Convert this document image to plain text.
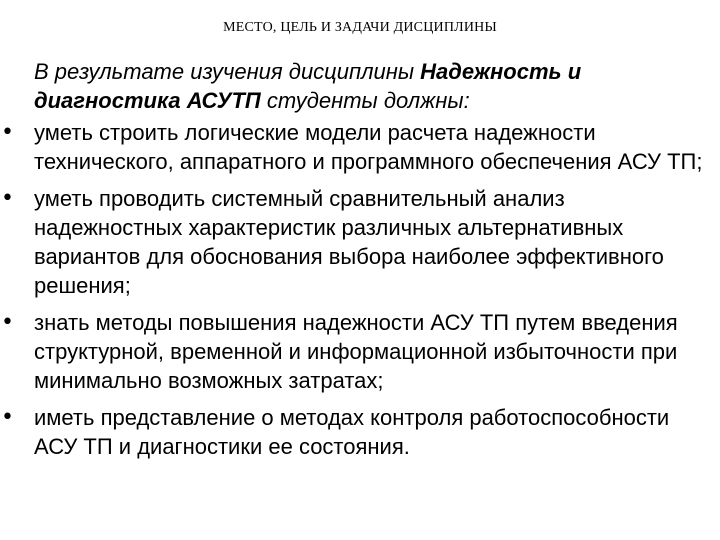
МЕСТО, ЦЕЛЬ И ЗАДАЧИ ДИСЦИПЛИНЫ
В результате изучения дисциплины Надежность и диагностика АСУТП студенты должны:
• уметь строить логические модели расчета надежности технического, аппаратного и программного обеспечения АСУ ТП;
• уметь проводить системный сравнительный анализ надежностных характеристик различных альтернативных вариантов для обоснования выбора наиболее эффективного решения;
• знать методы повышения надежности АСУ ТП путем введения структурной, временной и информационной избыточности при минимально возможных затратах;
• иметь представление о методах контроля работоспособности АСУ ТП и диагностики ее состояния.
